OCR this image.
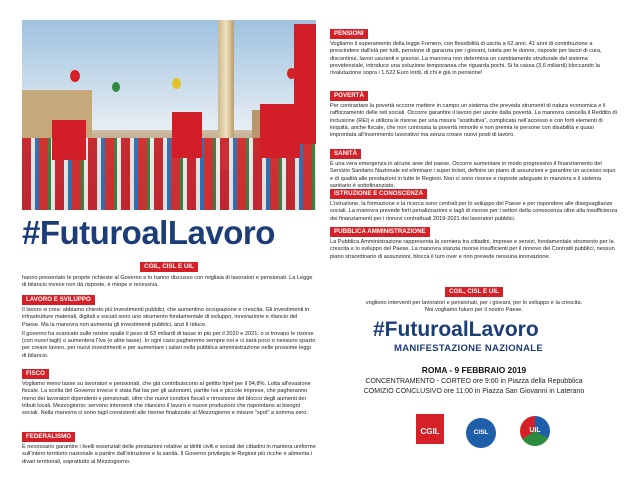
#FuturoalLavoro
CGIL, CISL E UIL
hanno presentato le proprie richieste al Governo e lo hanno discusso con migliaia di lavoratori e pensionati. La Legge di bilancio invece non dà risposte, è miope e recessiva.
LAVORO E SVILUPPO
Il lavoro si crea: abbiamo chiesto più investimenti pubblici, che aumentino occupazione e crescita. Gli investimenti in infrastrutture materiali, digitali e sociali sono uno strumento fondamentale di sviluppo, innovazione e rilancio del Paese. Ma la manovra non aumenta gli investimenti pubblici, anzi li riduce.
Il governo ha scaricato sulle nostre spalle il peso di 53 miliardi di tasse in più per il 2020 e 2021: o si trovano le risorse (con nuovi tagli) o aumentera l'Iva (e altre tasse). In ogni caso pagheremo sempre noi e ci sarà poco o nessuno spazio per creare lavoro, per nuovi investimenti e per aumentare i salari nella pubblica amministrazione nelle prossime leggi di bilancio.
FISCO
Vogliamo meno tasse su lavoratori e pensionati, che già contribuiscono al gettito Irpef per il 94,8%. Lotta all'evasione fiscale. La scelta del Governo invece è stata flat tax per gli autonomi, partite Iva e piccole imprese, che pagheranno meno dei lavoratori dipendenti e pensionati, oltre che nuovi condoni fiscali e rimozione del blocco degli aumenti dei tributi locali. Mezzogiorno: servono interventi che rilancino il lavoro e nuove produzioni che rispondano ai bisogni sociali. Nella manovra ci sono tagli consistenti alle risorse finalizzate al Mezzogiorno e misure "spot" a somma zero.
FEDERALISMO
È necessario garantire i livelli essenziali delle prestazioni relative ai diritti civili e sociali dei cittadini in maniera uniforme sull'intero territorio nazionale a partire dall'istruzione e la sanità. Il Governo privilegia le Regioni più ricche e alimenta i divari territoriali, soprattutto al Mezzogiorno.
PENSIONI
Vogliamo il superamento della legge Fornero, con flessibilità di uscita a 62 anni, 41 anni di contribuzione a prescindere dall'età per tutti, pensione di garanzia per i giovani, tutela per le donne, risposte per lavori di cura, discontinui, lavori usuranti e gravosi. La manovra non determina un cambiamento strutturale del sistema previdenziale, introduce una soluzione temporanea che riguarda pochi. Si fa cassa (3,6 miliardi) bloccando la rivalutazione sopra i 1.522 Euro lordi, di chi è già in pensione!
POVERTÀ
Per contrastare la povertà occorre mettere in campo un sistema che preveda strumenti di natura economica e il rafforzamento delle reti sociali. Occorre garantire il lavoro per uscire dalla povertà. La manovra cancella il Reddito di inclusione (REI) e utilizza le risorse per una misura "sostitutiva", complicata nell'accesso e con forti elementi di iniquità, anche fiscale, che non contrasta la povertà minorile e non premia le persone con disabilità e quasi improntata all'inserimento lavorativo ma senza creare nuovi posti di lavoro.
SANITÀ
È una vera emergenza in alcune aree del paese. Occorre aumentare in modo progressivo il finanziamento del Servizio Sanitario Nazionale ed eliminare i super ticket, definire un piano di assunzioni e garantire un accesso equo e di qualità alle prestazioni in tutte le Regioni. Non ci sono risorse e risposte adeguate in manovra e il sistema sanitario è sottofinanziato.
ISTRUZIONE E CONOSCENZA
L'istruzione, la formazione e la ricerca sono centrali per lo sviluppo del Paese e per rispondere alle diseguaglianze sociali. La manovra prevede forti penalizzazioni e tagli di risorse per i settori della conoscenza oltre alla insufficienza dei finanziamenti per i rinnovi contrattuali 2019-2021 dei lavoratori pubblici.
PUBBLICA AMMINISTRAZIONE
La Pubblica Amministrazione rappresenta la cerniera tra cittadini, imprese e servizi, fondamentale strumento per la crescita e lo sviluppo del Paese. La manovra stanzia risorse insufficienti per il rinnovo dei Contratti pubblici, nessun piano straordinario di assunzioni, blocca il turn over e non prevede nessuna innovazione.
CGIL, CISL E UIL
vogliono interventi per lavoratori e pensionati, per i giovani, per lo sviluppo e la crescita.
Noi vogliamo futuro per il nostro Paese.
#FuturoalLavoro
MANIFESTAZIONE NAZIONALE
ROMA - 9 FEBBRAIO 2019
CONCENTRAMENTO - CORTEO ore 9:00 in Piazza della Repubblica
COMIZIO CONCLUSIVO ore 11:00 in Piazza San Giovanni in Laterano
CGIL	CISL	UIL
